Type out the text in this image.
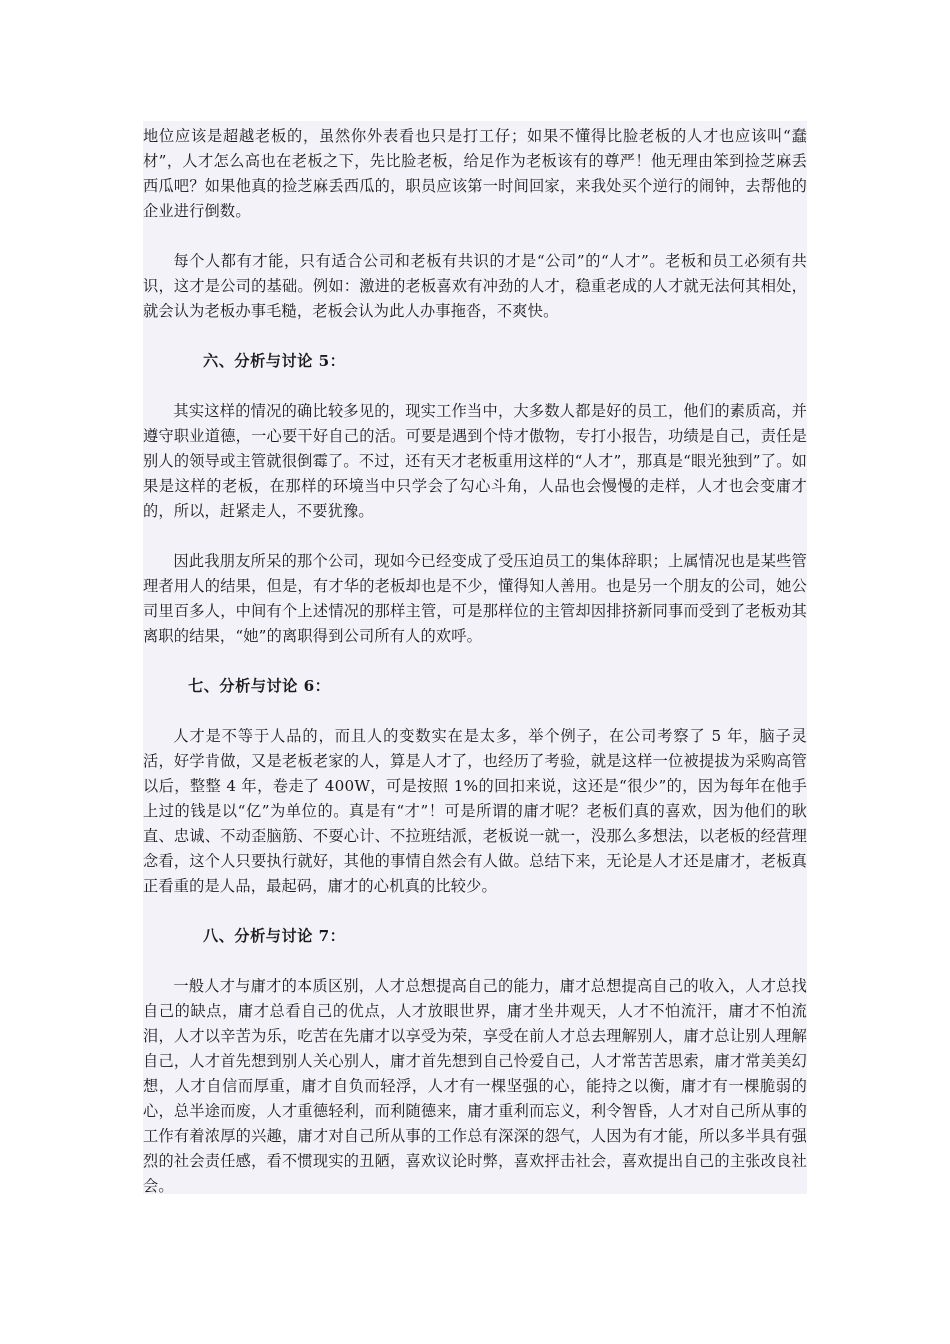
地位应该是超越老板的，虽然你外表看也只是打工仔；如果不懂得比脸老板的人才也应该叫“蠢材”，人才怎么高也在老板之下，先比脸老板，给足作为老板该有的尊严！他无理由笨到捡芝麻丢西瓜吧？如果他真的捡芝麻丢西瓜的，职员应该第一时间回家，来我处买个逆行的闹钟，去帮他的企业进行倒数。

每个人都有才能，只有适合公司和老板有共识的才是“公司”的“人才”。老板和员工必须有共识，这才是公司的基础。例如：激进的老板喜欢有冲劲的人才，稳重老成的人才就无法何其相处，就会认为老板办事毛糙，老板会认为此人办事拖沓，不爽快。

六、分析与讨论 5：

其实这样的情况的确比较多见的，现实工作当中，大多数人都是好的员工，他们的素质高，并遵守职业道德，一心要干好自己的活。可要是遇到个恃才傲物，专打小报告，功绩是自己，责任是别人的领导或主管就很倒霉了。不过，还有天才老板重用这样的“人才”，那真是“眼光独到”了。如果是这样的老板，在那样的环境当中只学会了勾心斗角，人品也会慢慢的走样，人才也会变庸才的，所以，赶紧走人，不要犹豫。

因此我朋友所呆的那个公司，现如今已经变成了受压迫员工的集体辞职；上属情况也是某些管理者用人的结果，但是，有才华的老板却也是不少，懂得知人善用。也是另一个朋友的公司，她公司里百多人，中间有个上述情况的那样主管，可是那样位的主管却因排挤新同事而受到了老板劝其离职的结果，“她”的离职得到公司所有人的欢呼。

七、分析与讨论 6：

人才是不等于人品的，而且人的变数实在是太多，举个例子，在公司考察了 5 年，脑子灵活，好学肯做，又是老板老家的人，算是人才了，也经历了考验，就是这样一位被提拔为采购高管以后，整整 4 年，卷走了 400W，可是按照 1%的回扣来说，这还是“很少”的，因为每年在他手上过的钱是以“亿”为单位的。真是有“才”！可是所谓的庸才呢？老板们真的喜欢，因为他们的耿直、忠诚、不动歪脑筋、不耍心计、不拉班结派，老板说一就一，没那么多想法，以老板的经营理念看，这个人只要执行就好，其他的事情自然会有人做。总结下来，无论是人才还是庸才，老板真正看重的是人品，最起码，庸才的心机真的比较少。

八、分析与讨论 7：

一般人才与庸才的本质区别，人才总想提高自己的能力，庸才总想提高自己的收入，人才总找自己的缺点，庸才总看自己的优点，人才放眼世界，庸才坐井观天，人才不怕流汗，庸才不怕流泪，人才以辛苦为乐，吃苦在先庸才以享受为荣，享受在前人才总去理解别人，庸才总让别人理解自己，人才首先想到别人关心别人，庸才首先想到自己怜爱自己，人才常苦苦思索，庸才常美美幻想，人才自信而厚重，庸才自负而轻浮，人才有一棵坚强的心，能持之以衡，庸才有一棵脆弱的心，总半途而废，人才重德轻利，而利随德来，庸才重利而忘义，利令智昏，人才对自己所从事的工作有着浓厚的兴趣，庸才对自己所从事的工作总有深深的怨气，人因为有才能，所以多半具有强烈的社会责任感，看不惯现实的丑陋，喜欢议论时弊，喜欢抨击社会，喜欢提出自己的主张改良社会。
